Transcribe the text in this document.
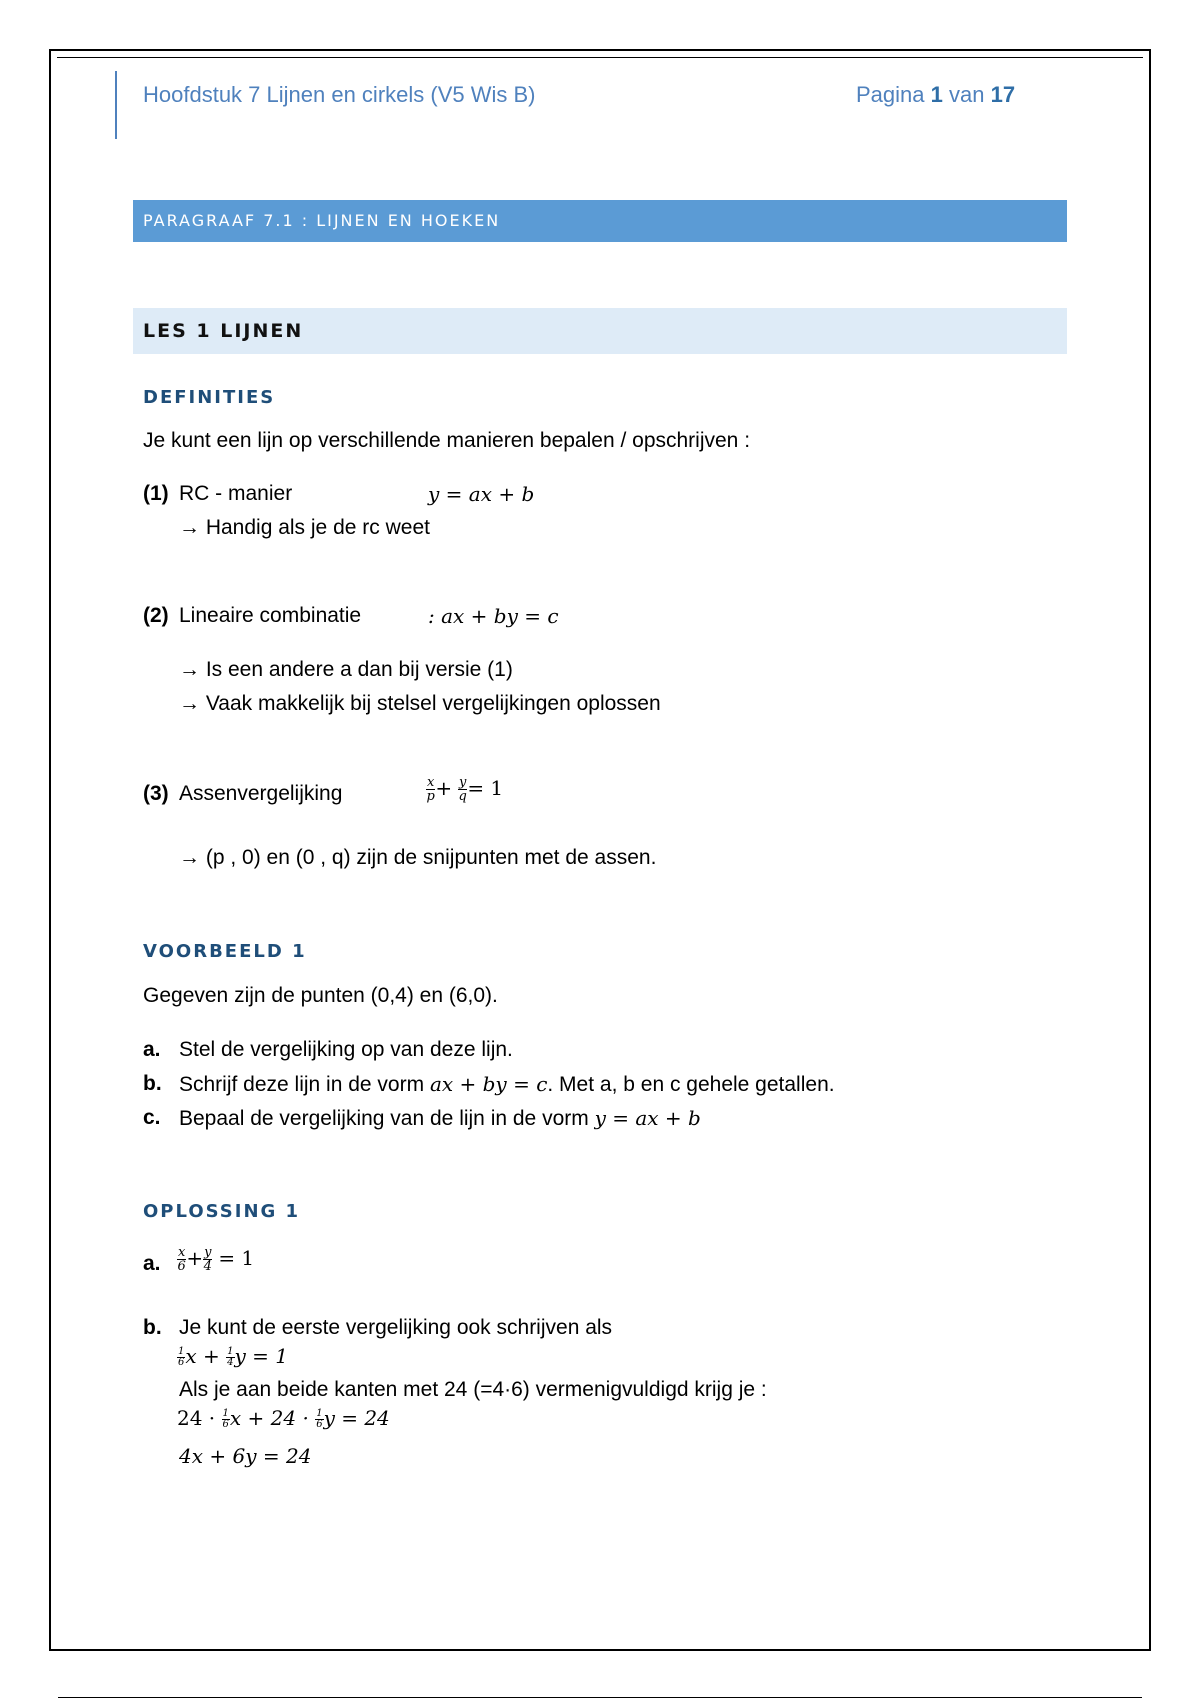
Hoofdstuk 7 Lijnen en cirkels (V5 Wis B)	Pagina 1 van 17
PARAGRAAF 7.1 : LIJNEN EN HOEKEN
LES 1 LIJNEN
DEFINITIES
Je kunt een lijn op verschillende manieren bepalen / opschrijven :
(1) RC - manier	y = ax + b
→ Handig als je de rc weet
(2) Lineaire combinatie	: ax + by = c
→ Is een andere a dan bij versie (1)
→ Vaak makkelijk bij stelsel vergelijkingen oplossen
(3) Assenvergelijking	$\frac{x}{p} + \frac{y}{q} = 1$
→ (p , 0) en (0 , q) zijn de snijpunten met de assen.
VOORBEELD 1
Gegeven zijn de punten (0,4) en (6,0).
a. Stel de vergelijking op van deze lijn.
b. Schrijf deze lijn in de vorm ax + by = c. Met a, b en c gehele getallen.
c. Bepaal de vergelijking van de lijn in de vorm y = ax + b
OPLOSSING 1
a. $\frac{x}{6} + \frac{y}{4} = 1$
b. Je kunt de eerste vergelijking ook schrijven als
$\frac{1}{6}$ $x + \frac{1}{4}$ y = 1
Als je aan beide kanten met 24 (=4·6) vermenigvuldigd krijg je :
$24 \cdot \frac{1}{6}$ $x + 24 \cdot \frac{1}{6}$ y = 24
4x + 6y = 24
